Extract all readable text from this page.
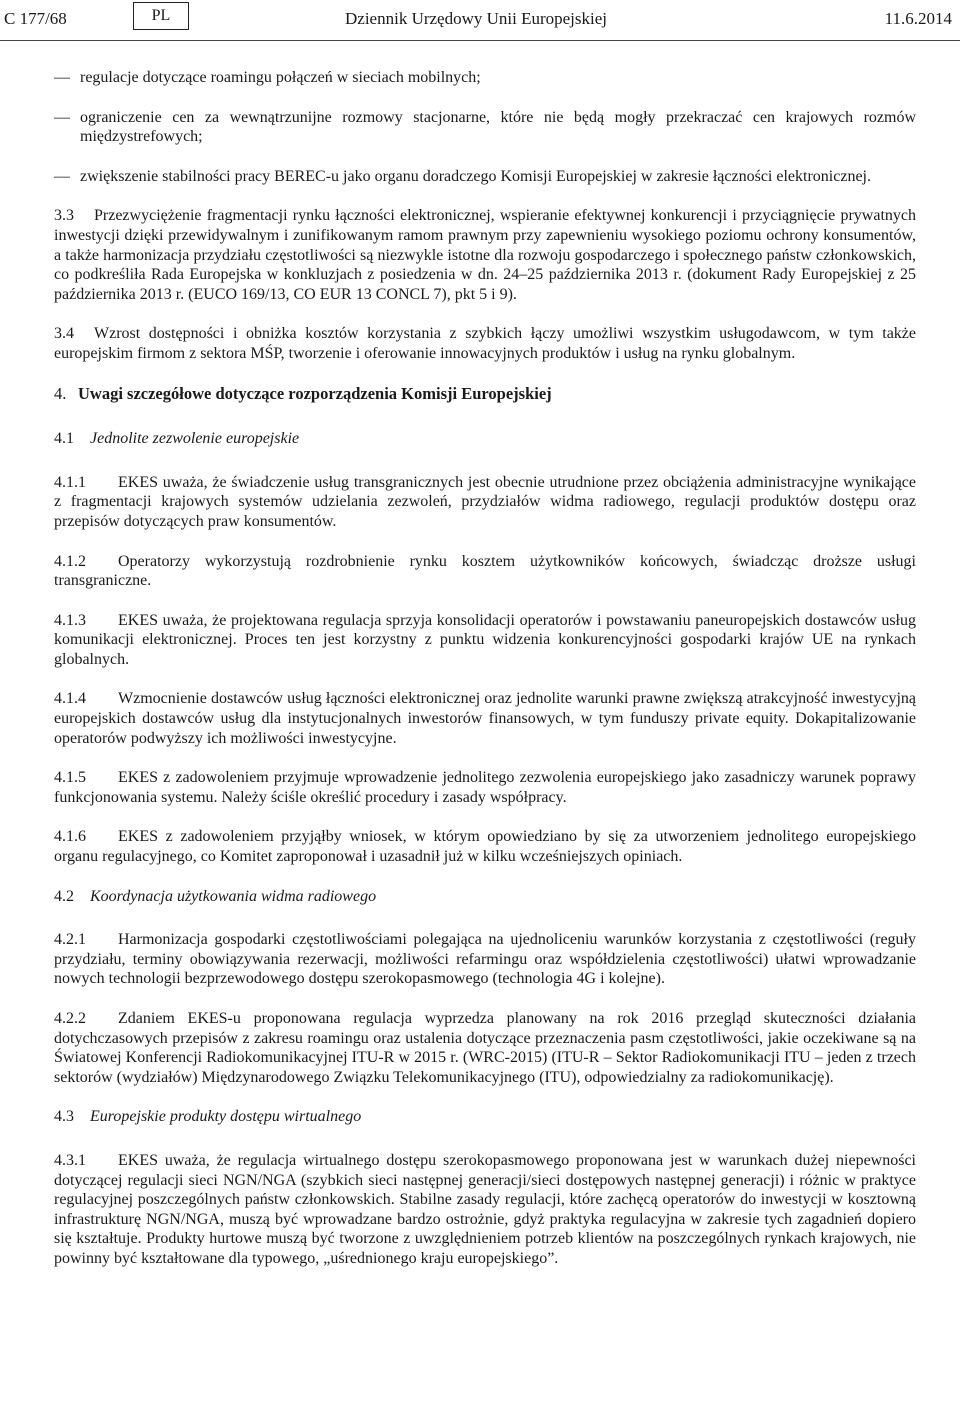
C 177/68	PL	Dziennik Urzędowy Unii Europejskiej	11.6.2014
— regulacje dotyczące roamingu połączeń w sieciach mobilnych;
— ograniczenie cen za wewnątrzunijne rozmowy stacjonarne, które nie będą mogły przekraczać cen krajowych rozmów międzystrefowych;
— zwiększenie stabilności pracy BEREC-u jako organu doradczego Komisji Europejskiej w zakresie łączności elektronicznej.

3.3 Przezwyciężenie fragmentacji rynku łączności elektronicznej, wspieranie efektywnej konkurencji i przyciągnięcie prywatnych inwestycji dzięki przewidywalnym i zunifikowanym ramom prawnym przy zapewnieniu wysokiego poziomu ochrony konsumentów, a także harmonizacja przydziału częstotliwości są niezwykle istotne dla rozwoju gospodarczego i społecznego państw członkowskich, co podkreśliła Rada Europejska w konkluzjach z posiedzenia w dn. 24–25 października 2013 r. (dokument Rady Europejskiej z 25 października 2013 r. (EUCO 169/13, CO EUR 13 CONCL 7), pkt 5 i 9).

3.4 Wzrost dostępności i obniżka kosztów korzystania z szybkich łączy umożliwi wszystkim usługodawcom, w tym także europejskim firmom z sektora MŚP, tworzenie i oferowanie innowacyjnych produktów i usług na rynku globalnym.

4. Uwagi szczegółowe dotyczące rozporządzenia Komisji Europejskiej
4.1 Jednolite zezwolenie europejskie

4.1.1 EKES uważa, że świadczenie usług transgranicznych jest obecnie utrudnione przez obciążenia administracyjne wynikające z fragmentacji krajowych systemów udzielania zezwoleń, przydziałów widma radiowego, regulacji produktów dostępu oraz przepisów dotyczących praw konsumentów.

4.1.2 Operatorzy wykorzystują rozdrobnienie rynku kosztem użytkowników końcowych, świadcząc droższe usługi transgraniczne.

4.1.3 EKES uważa, że projektowana regulacja sprzyja konsolidacji operatorów i powstawaniu paneuropejskich dostawców usług komunikacji elektronicznej. Proces ten jest korzystny z punktu widzenia konkurencyjności gospodarki krajów UE na rynkach globalnych.

4.1.4 Wzmocnienie dostawców usług łączności elektronicznej oraz jednolite warunki prawne zwiększą atrakcyjność inwestycyjną europejskich dostawców usług dla instytucjonalnych inwestorów finansowych, w tym funduszy private equity. Dokapitalizowanie operatorów podwyższy ich możliwości inwestycyjne.

4.1.5 EKES z zadowoleniem przyjmuje wprowadzenie jednolitego zezwolenia europejskiego jako zasadniczy warunek poprawy funkcjonowania systemu. Należy ściśle określić procedury i zasady współpracy.

4.1.6 EKES z zadowoleniem przyjąłby wniosek, w którym opowiedziano by się za utworzeniem jednolitego europejskiego organu regulacyjnego, co Komitet zaproponował i uzasadnił już w kilku wcześniejszych opiniach.

4.2 Koordynacja użytkowania widma radiowego

4.2.1 Harmonizacja gospodarki częstotliwościami polegająca na ujednoliceniu warunków korzystania z częstotliwości (reguły przydziału, terminy obowiązywania rezerwacji, możliwości refarmingu oraz współdzielenia częstotliwości) ułatwi wprowadzanie nowych technologii bezprzewodowego dostępu szerokopasmowego (technologia 4G i kolejne).

4.2.2 Zdaniem EKES-u proponowana regulacja wyprzedza planowany na rok 2016 przegląd skuteczności działania dotychczasowych przepisów z zakresu roamingu oraz ustalenia dotyczące przeznaczenia pasm częstotliwości, jakie oczekiwane są na Światowej Konferencji Radiokomunikacyjnej ITU-R w 2015 r. (WRC-2015) (ITU-R – Sektor Radiokomunikacji ITU – jeden z trzech sektorów (wydziałów) Międzynarodowego Związku Telekomunikacyjnego (ITU), odpowiedzialny za radiokomunikację).

4.3 Europejskie produkty dostępu wirtualnego

4.3.1 EKES uważa, że regulacja wirtualnego dostępu szerokopasmowego proponowana jest w warunkach dużej niepewności dotyczącej regulacji sieci NGN/NGA (szybkich sieci następnej generacji/sieci dostępowych następnej generacji) i różnic w praktyce regulacyjnej poszczególnych państw członkowskich. Stabilne zasady regulacji, które zachęcą operatorów do inwestycji w kosztowną infrastrukturę NGN/NGA, muszą być wprowadzane bardzo ostrożnie, gdyż praktyka regulacyjna w zakresie tych zagadnień dopiero się kształtuje. Produkty hurtowe muszą być tworzone z uwzględnieniem potrzeb klientów na poszczególnych rynkach krajowych, nie powinny być kształtowane dla typowego, „uśrednionego kraju europejskiego”.
